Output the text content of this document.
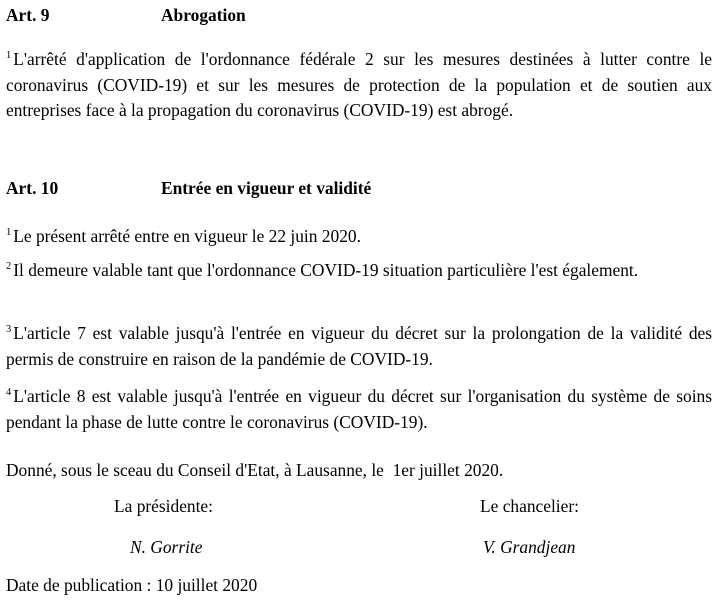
Art. 9	Abrogation
$^1$ L'arrêté d'application de l'ordonnance fédérale 2 sur les mesures destinées à lutter contre le coronavirus (COVID-19) et sur les mesures de protection de la population et de soutien aux entreprises face à la propagation du coronavirus (COVID-19) est abrogé.
Art. 10	Entrée en vigueur et validité
$^1$ Le présent arrêté entre en vigueur le 22 juin 2020.
$^2$ Il demeure valable tant que l'ordonnance COVID-19 situation particulière l'est également.
$^3$ L'article 7 est valable jusqu'à l'entrée en vigueur du décret sur la prolongation de la validité des permis de construire en raison de la pandémie de COVID-19.
$^4$ L'article 8 est valable jusqu'à l'entrée en vigueur du décret sur l'organisation du système de soins pendant la phase de lutte contre le coronavirus (COVID-19).
Donné, sous le sceau du Conseil d'Etat, à Lausanne, le  1er juillet 2020.
La présidente:	Le chancelier:
N. Gorrite	V. Grandjean
Date de publication : 10 juillet 2020
